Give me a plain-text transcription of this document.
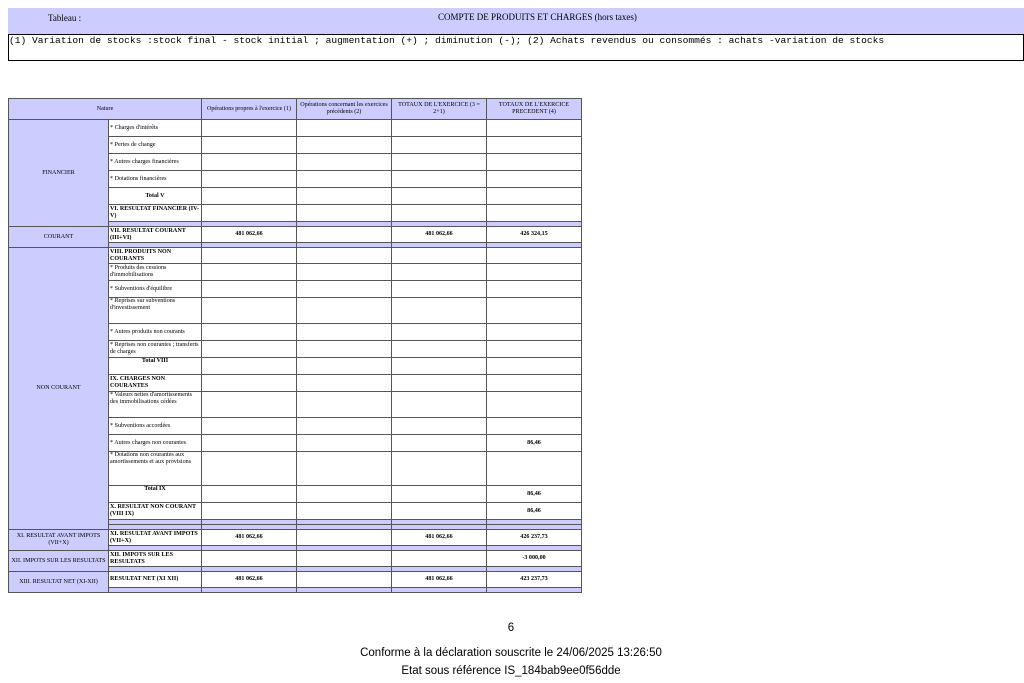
Tableau :	COMPTE DE PRODUITS ET CHARGES (hors taxes)
(1) Variation de stocks :stock final - stock initial ; augmentation (+) ; diminution (-); (2) Achats revendus ou consommés : achats -variation de stocks
Nature		Opérations propres à l'exercice (1)	Opérations concernant les exercices précédents (2)	TOTAUX DE L'EXERCICE (3 = 2+1)	TOTAUX DE L'EXERCICE PRECEDENT (4)
FINANCIER	* Charges d'intérêts				
	* Pertes de change				
	* Autres charges financières				
	* Dotations financières				
	Total V				
	VI. RESULTAT FINANCIER (IV-V)				

COURANT	VII. RESULTAT COURANT (III+VI)	481 062,66		481 062,66	426 324,15

NON COURANT	VIII. PRODUITS NON COURANTS				
	* Produits des cessions d'immobilisations				
	* Subventions d'équilibre				
	* Reprises sur subventions d'investissement				
	* Autres produits non courants				
	* Reprises non courantes ; transferts de charges				
	Total VIII				
	IX. CHARGES NON COURANTES				
	* Valeurs nettes d'amortissements des immobilisations cédées				
	* Subventions accordées				
	* Autres charges non courantes				86,46
	* Dotations non courantes aux amortissements et aux provisions				
	Total IX				86,46
	X. RESULTAT NON COURANT (VIII IX)				86,46

XI. RESULTAT AVANT IMPOTS (VII+X)	XI. RESULTAT AVANT IMPOTS (VII+X)	481 062,66		481 062,66	426 237,73

XII. IMPOTS SUR LES RESULTATS	XII. IMPOTS SUR LES RESULTATS				-3 000,00

XIII. RESULTAT NET (XI-XII)	RESULTAT NET (XI XII)	481 062,66		481 062,66	423 237,73

6
Conforme à la déclaration souscrite le 24/06/2025 13:26:50
Etat sous référence IS_184bab9ee0f56dde
